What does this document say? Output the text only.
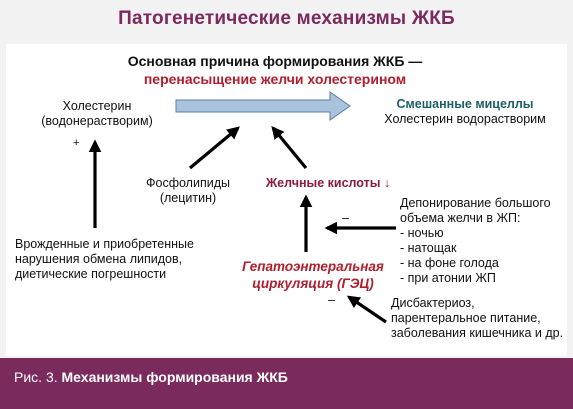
Патогенетические механизмы ЖКБ
Основная причина формирования ЖКБ —
перенасыщение желчи холестерином
Холестерин
(водонерастворим)
+
Смешанные мицеллы
Холестерин водорастворим
Фосфолипиды
(лецитин)
Желчные кислоты ↓
Врожденные и приобретенные
нарушения обмена липидов,
диетические погрешности
–
Депонирование большого
объема желчи в ЖП:
- ночью
- натощак
- на фоне голода
- при атонии ЖП
Гепатоэнтеральная
циркуляция (ГЭЦ)
–	Дисбактериоз,
парентеральное питание,
заболевания кишечника и др.
Рис. 3. Механизмы формирования ЖКБ
